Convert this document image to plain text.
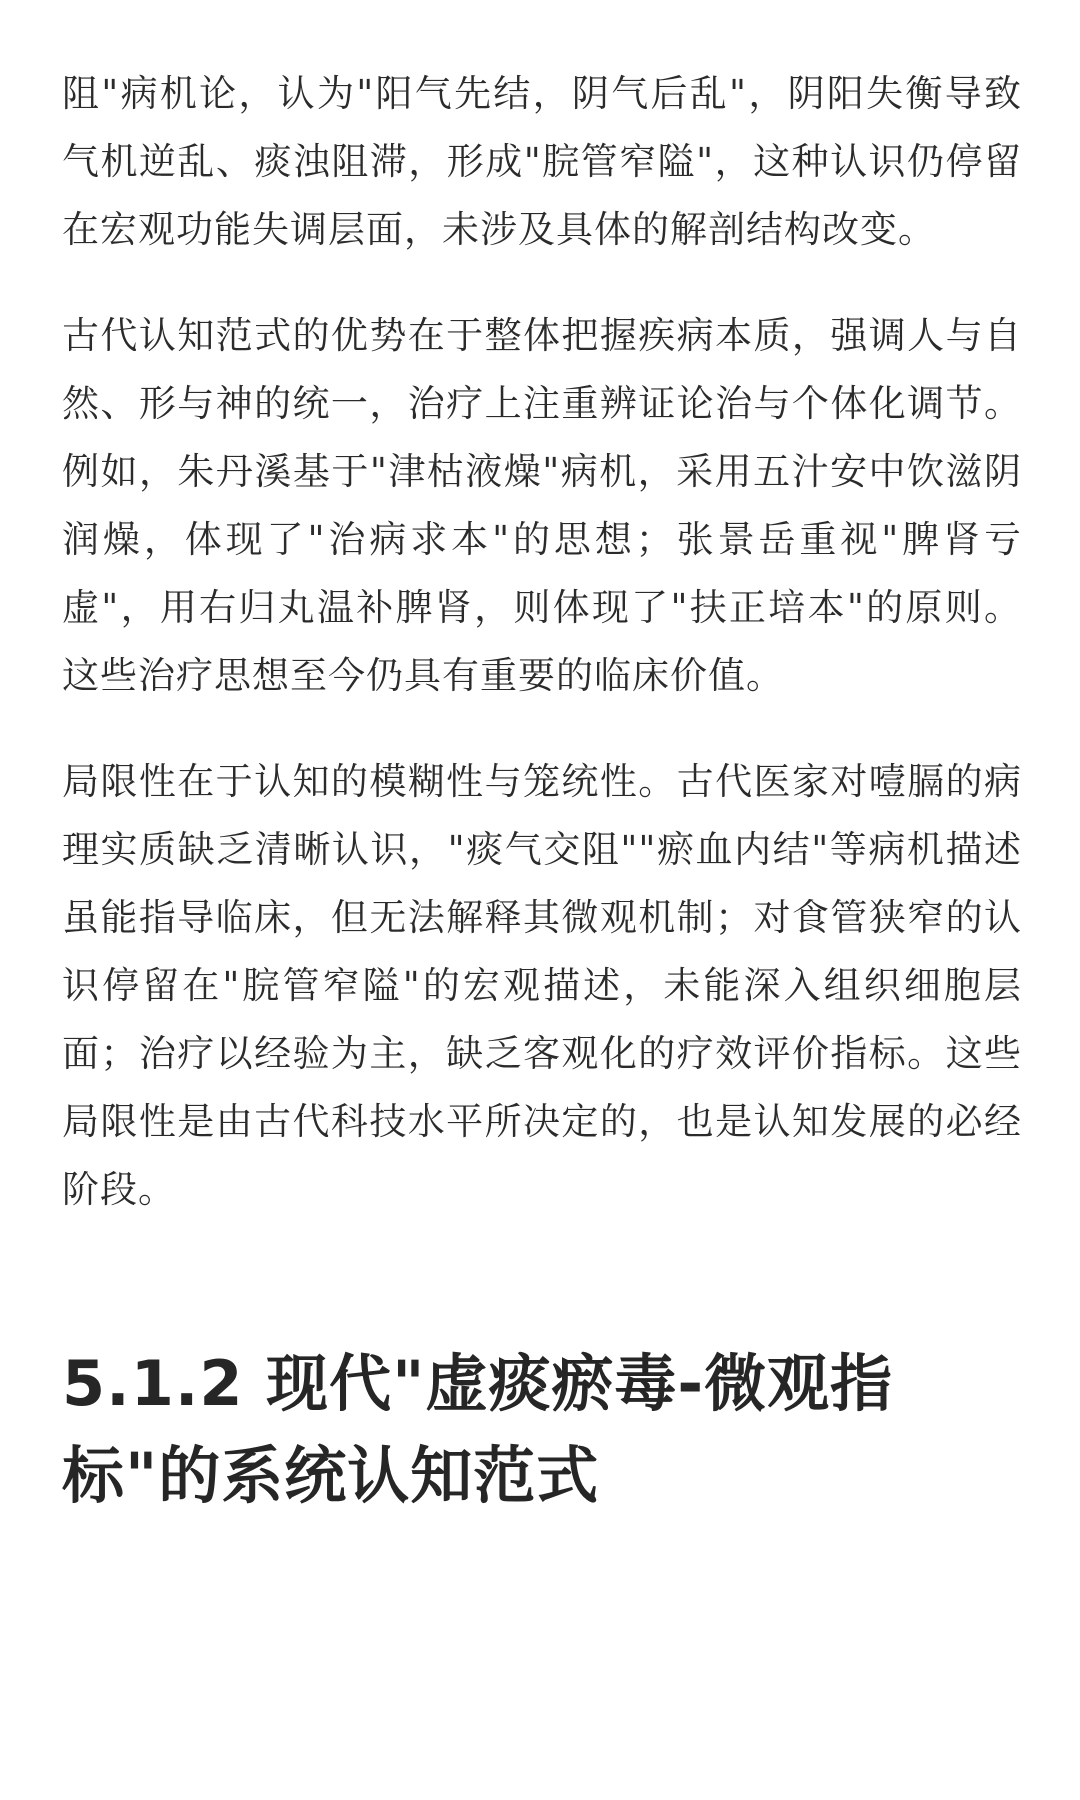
阻"病机论，认为"阳气先结，阴气后乱"，阴阳失衡导致气机逆乱、痰浊阻滞，形成"脘管窄隘"，这种认识仍停留在宏观功能失调层面，未涉及具体的解剖结构改变。

古代认知范式的优势在于整体把握疾病本质，强调人与自然、形与神的统一，治疗上注重辨证论治与个体化调节。例如，朱丹溪基于"津枯液燥"病机，采用五汁安中饮滋阴润燥，体现了"治病求本"的思想；张景岳重视"脾肾亏虚"，用右归丸温补脾肾，则体现了"扶正培本"的原则。这些治疗思想至今仍具有重要的临床价值。

局限性在于认知的模糊性与笼统性。古代医家对噎膈的病理实质缺乏清晰认识，"痰气交阻""瘀血内结"等病机描述虽能指导临床，但无法解释其微观机制；对食管狭窄的认识停留在"脘管窄隘"的宏观描述，未能深入组织细胞层面；治疗以经验为主，缺乏客观化的疗效评价指标。这些局限性是由古代科技水平所决定的，也是认知发展的必经阶段。

5.1.2 现代"虚痰瘀毒-微观指标"的系统认知范式
